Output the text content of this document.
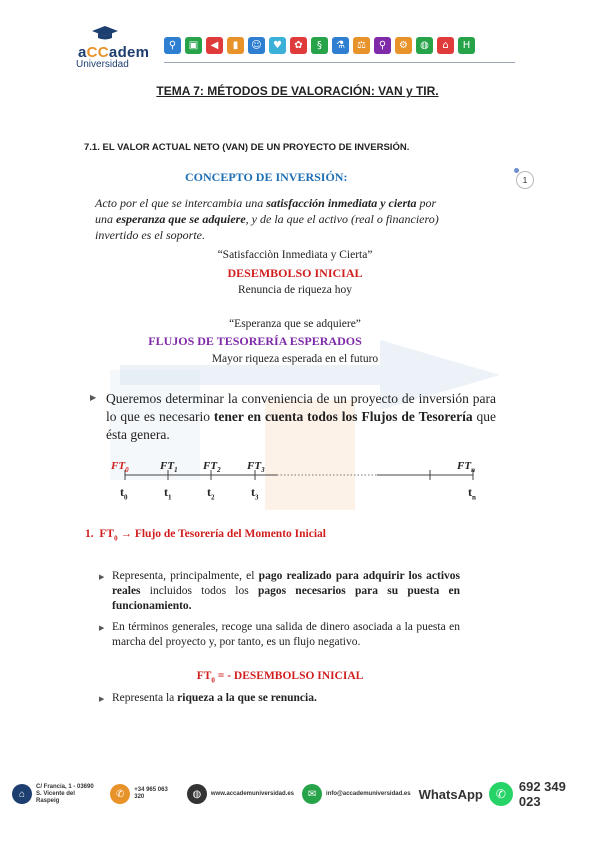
aCCadem
Universidad
⚲	▣	◀	▮	☺	♥	✿	§	⚗	⚖	⚲	⚙	◍	⌂	H
TEMA 7: MÉTODOS DE VALORACIÓN: VAN y TIR.
7.1. EL VALOR ACTUAL NETO (VAN) DE UN PROYECTO DE INVERSIÓN.
CONCEPTO DE INVERSIÓN:	1
Acto por el que se intercambia una satisfacción inmediata y cierta por una esperanza que se adquiere, y de la que el activo (real o financiero) invertido es el soporte.
“Satisfacciòn Inmediata y Cierta”
DESEMBOLSO INICIAL
Renuncia de riqueza hoy
“Esperanza que se adquiere”
FLUJOS DE TESORERÍA ESPERADOS
Mayor riqueza esperada en el futuro
▶ Queremos determinar la conveniencia de un proyecto de inversión para lo que es necesario tener en cuenta todos los Flujos de Tesorería que ésta genera.
$FT_0$	$FT_1$ $FT_2$ $FT_3$	$FT_n$
$t_0$	$t_1$	$t_2$	$t_3$	$t_n$
1. $FT_0$ → Flujo de Tesorería del Momento Inicial
▶ Representa, principalmente, el pago realizado para adquirir los activos reales incluidos todos los pagos necesarios para su puesta en funcionamiento.
▶ En términos generales, recoge una salida de dinero asociada a la puesta en marcha del proyecto y, por tanto, es un flujo negativo.
$FT_0$ = - DESEMBOLSO INICIAL
▶ Representa la riqueza a la que se renuncia.
⌂
C/ Francia, 1 - 03690
S. Vicente del Raspeig
✆	+34 965 063 320	◍	www.accademuniversidad.es	✉	info@accademuniversidad.es WhatsApp	✆ 692 349 023
